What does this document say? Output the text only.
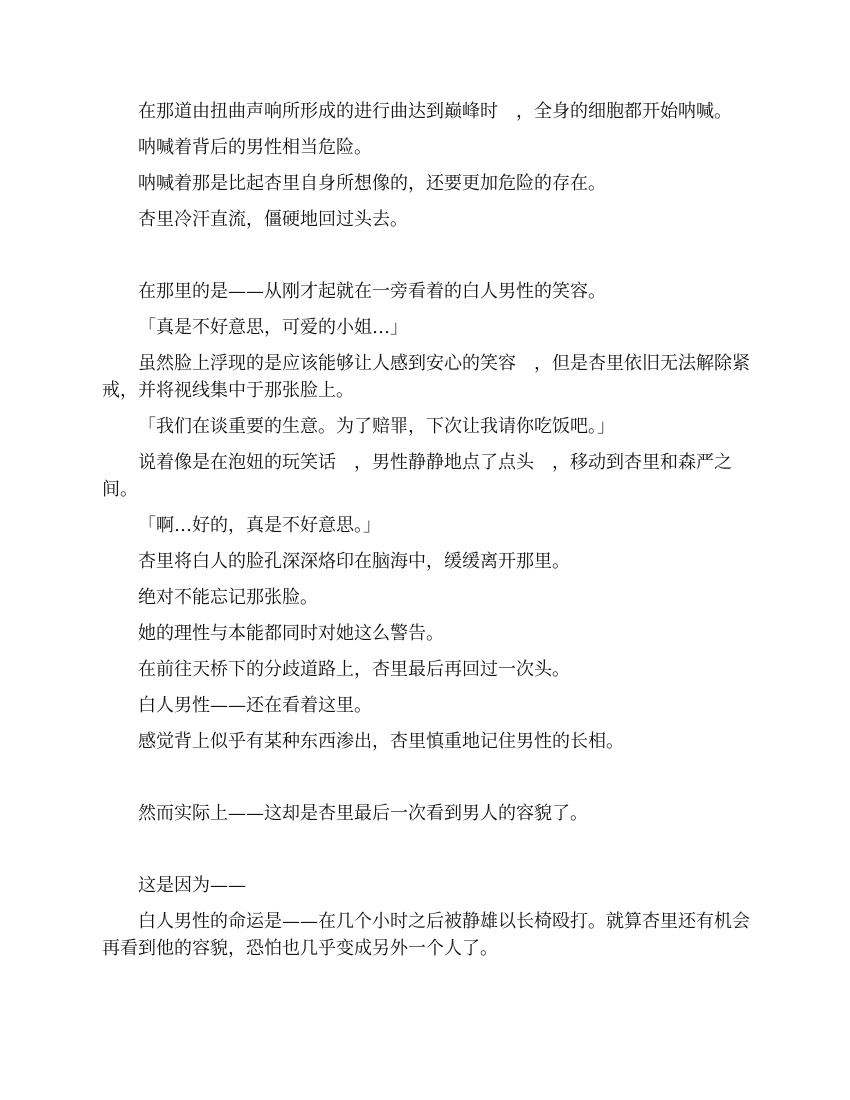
在那道由扭曲声响所形成的进行曲达到巅峰时　，全身的细胞都开始呐喊。

呐喊着背后的男性相当危险。

呐喊着那是比起杏里自身所想像的，还要更加危险的存在。

杏里冷汗直流，僵硬地回过头去。

在那里的是——从刚才起就在一旁看着的白人男性的笑容。

「真是不好意思，可爱的小姐…」

虽然脸上浮现的是应该能够让人感到安心的笑容　，但是杏里依旧无法解除紧戒，并将视线集中于那张脸上。

「我们在谈重要的生意。为了赔罪，下次让我请你吃饭吧。」

说着像是在泡妞的玩笑话　，男性静静地点了点头　，移动到杏里和森严之间。

「啊…好的，真是不好意思。」

杏里将白人的脸孔深深烙印在脑海中，缓缓离开那里。

绝对不能忘记那张脸。

她的理性与本能都同时对她这么警告。

在前往天桥下的分歧道路上，杏里最后再回过一次头。

白人男性——还在看着这里。

感觉背上似乎有某种东西渗出，杏里慎重地记住男性的长相。

然而实际上——这却是杏里最后一次看到男人的容貌了。

这是因为——

白人男性的命运是——在几个小时之后被静雄以长椅殴打。就算杏里还有机会再看到他的容貌，恐怕也几乎变成另外一个人了。
